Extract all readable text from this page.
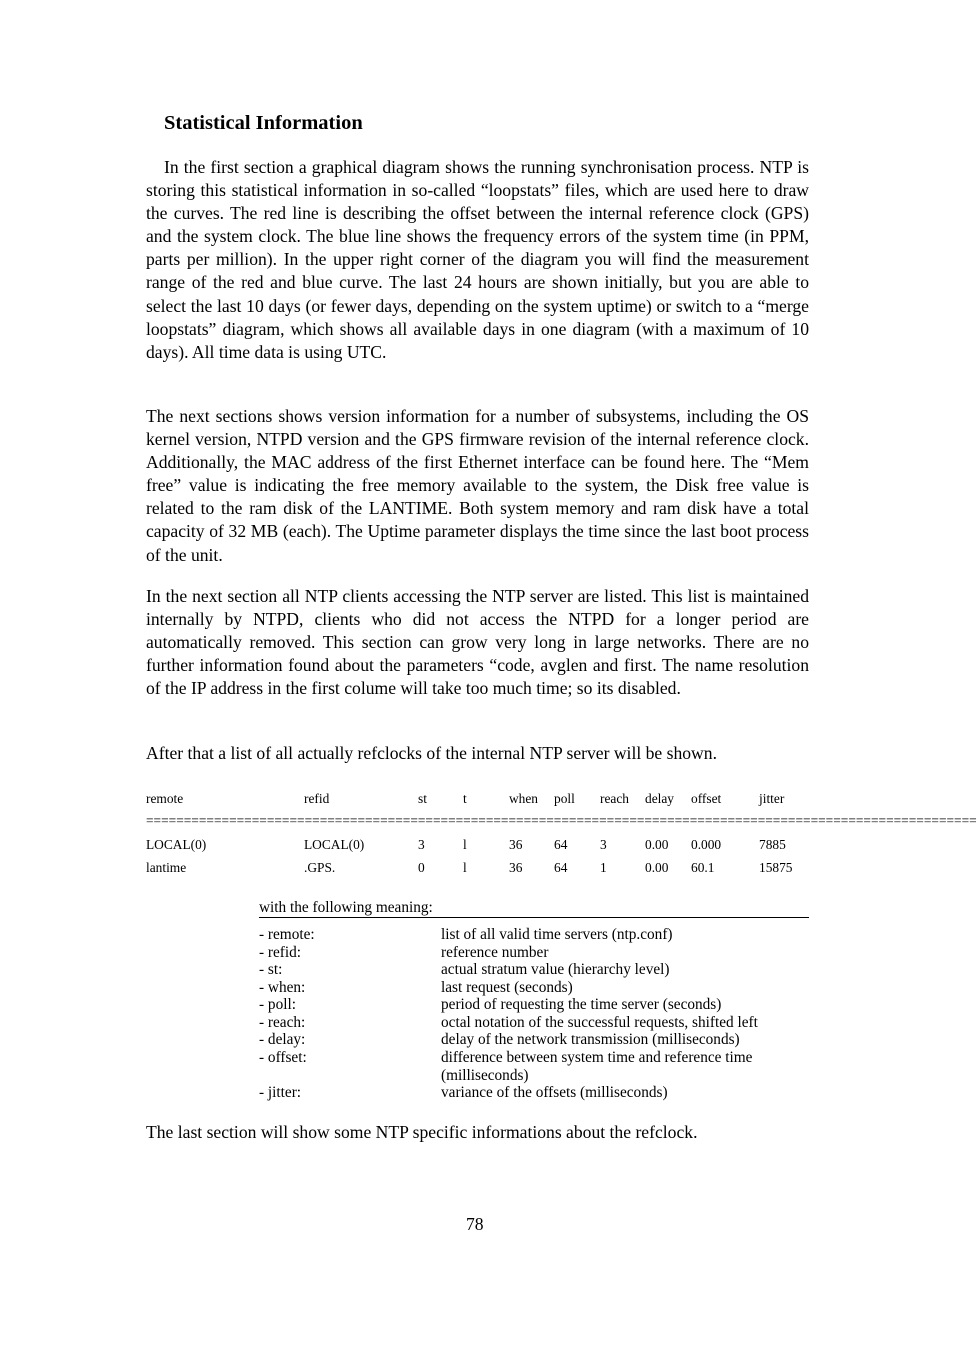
Statistical Information

In the first section a graphical diagram shows the running synchronisation process. NTP is storing this statistical information in so-called “loopstats” files, which are used here to draw the curves. The red line is describing the offset between the internal reference clock (GPS) and the system clock. The blue line shows the frequency errors of the system time (in PPM, parts per million). In the upper right corner of the diagram you will find the measurement range of the red and blue curve. The last 24 hours are shown initially, but you are able to select the last 10 days (or fewer days, depending on the system uptime) or switch to a “merge loopstats” diagram, which shows all available days in one diagram (with a maximum of 10 days). All time data is using UTC.

The next sections shows version information for a number of subsystems, including the OS kernel version, NTPD version and the GPS firmware revision of the internal reference clock. Additionally, the MAC address of the first Ethernet interface can be found here. The “Mem free” value is indicating the free memory available to the system, the Disk free value is related to the ram disk of the LANTIME. Both system memory and ram disk have a total capacity of 32 MB (each). The Uptime parameter displays the time since the last boot process of the unit.

In the next section all NTP clients accessing the NTP server are listed. This list is maintained internally by NTPD, clients who did not access the NTPD for a longer period are automatically removed. This section can grow very long in large networks. There are no further information found about the parameters “code, avglen and first. The name resolution of the IP address in the first colume will take too much time; so its disabled.

After that a list of all actually refclocks of the internal NTP server will be shown.

remote	refid	st	t	when poll reach delay offset	jitter
==============================================================================================================
LOCAL(0)	LOCAL(0)	3	l	36 64 3	0.00 0.000	7885
lantime	.GPS.	0	l	36 64 1	0.00 60.1	15875
with the following meaning:
- remote:	list of all valid time servers (ntp.conf)
- refid:	reference number
- st:	actual stratum value (hierarchy level)
- when:	last request (seconds)
- poll:	period of requesting the time server (seconds)
- reach:	octal notation of the successful requests, shifted left
- delay:	delay of the network transmission (milliseconds)
- offset:	difference between system time and reference time (milliseconds)
- jitter:	variance of the offsets (milliseconds)

The last section will show some NTP specific informations about the refclock.

78
